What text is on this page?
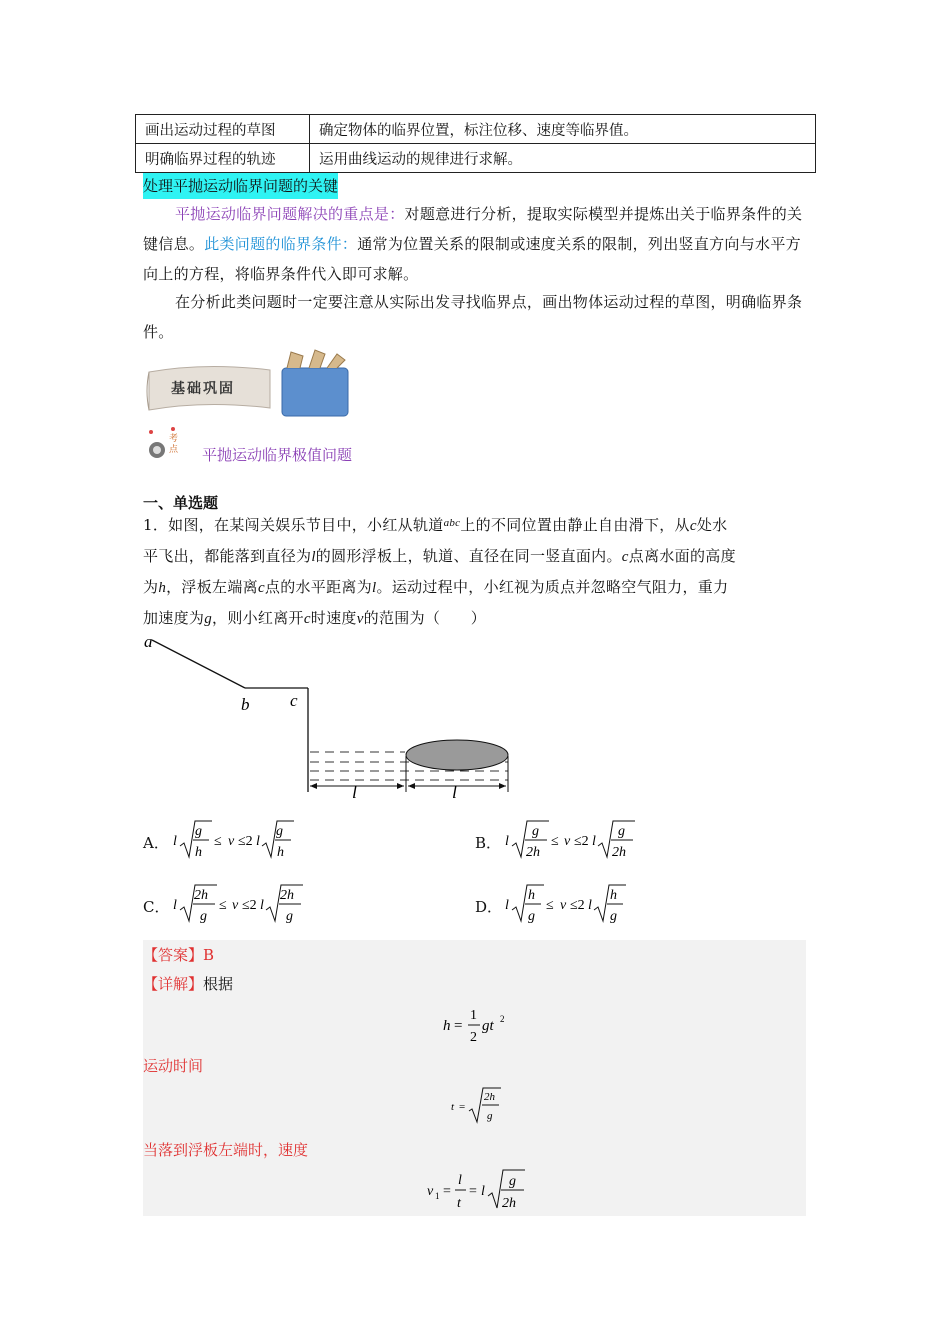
画出运动过程的草图	确定物体的临界位置，标注位移、速度等临界值。
明确临界过程的轨迹	运用曲线运动的规律进行求解。
处理平抛运动临界问题的关键
平抛运动临界问题解决的重点是：对题意进行分析，提取实际模型并提炼出关于临界条件的关键信息。此类问题的临界条件：通常为位置关系的限制或速度关系的限制，列出竖直方向与水平方向上的方程，将临界条件代入即可求解。
在分析此类问题时一定要注意从实际出发寻找临界点，画出物体运动过程的草图，明确临界条件。
基础巩固
考点 平抛运动临界极值问题
一、单选题
1．如图，在某闯关娱乐节目中，小红从轨道$^{abc}$上的不同位置由静止自由滑下，从c处水
平飞出，都能落到直径为l的圆形浮板上，轨道、直径在同一竖直面内。c点离水面的高度
为h，浮板左端离c点的水平距离为l。运动过程中，小红视为质点并忽略空气阻力，重力
加速度为g，则小红离开c时速度v的范围为（　　）
a
b c
l	l
A． l
g
h
≤ v ≤2 l
g
h
B． l
g
2h
≤ v ≤2 l
g
2h
C． l
2h
g
≤ v ≤2 l
2h
g
D． l
h
g
≤ v ≤2 l
h
g
【答案】B
【详解】根据
h =
1
2
gt 2
运动时间
t =
2h
g
当落到浮板左端时，速度
v 1 =
l
t
= l
g
2h
